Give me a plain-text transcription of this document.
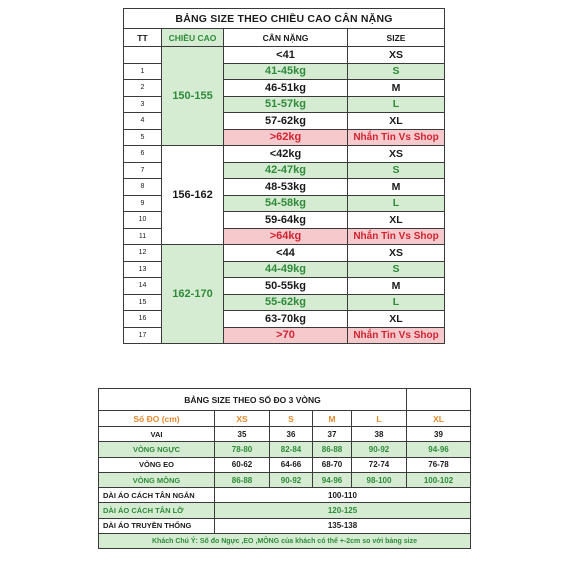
BẢNG SIZE THEO CHIỀU CAO CÂN NẶNG			
TT	CHIỀU CAO	CÂN NẶNG	SIZE
	150-155	<41	XS
1		41-45kg	S
2		46-51kg	M
3		51-57kg	L
4		57-62kg	XL
5		>62kg	Nhắn Tin Vs Shop
6	156-162	<42kg	XS
7		42-47kg	S
8		48-53kg	M
9		54-58kg	L
10		59-64kg	XL
11		>64kg	Nhắn Tin Vs Shop
12	162-170	<44	XS
13		44-49kg	S
14		50-55kg	M
15		55-62kg	L
16		63-70kg	XL
17		>70	Nhắn Tin Vs Shop
BẢNG SIZE THEO SỐ ĐO 3 VÒNG					
Số ĐO (cm)	XS	S	M	L	XL
VAI	35	36	37	38	39
VÒNG NGỰC	78-80	82-84	86-88	90-92	94-96
VÒNG EO	60-62	64-66	68-70	72-74	76-78
VÒNG MÔNG	86-88	90-92	94-96	98-100	100-102
DÀI ÁO CÁCH TÂN NGẮN	100-110				
DÀI ÁO CÁCH TÂN LỠ	120-125				
DÀI ÁO TRUYỀN THỐNG	135-138				
Khách Chú Ý: Số đo Ngực ,EO ,MÔNG của khách có thể +-2cm so với bảng size					
